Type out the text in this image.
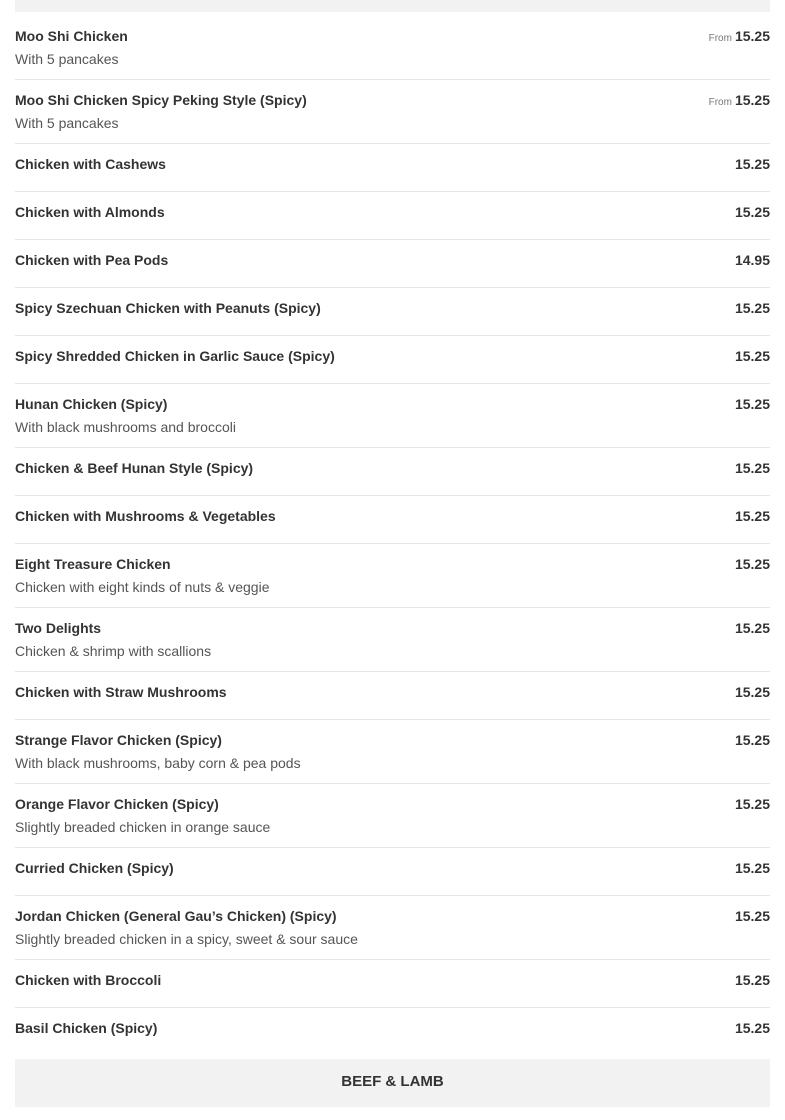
Moo Shi Chicken
With 5 pancakes
From 15.25
Moo Shi Chicken Spicy Peking Style (Spicy)
With 5 pancakes
From 15.25
Chicken with Cashews	15.25
Chicken with Almonds	15.25
Chicken with Pea Pods	14.95
Spicy Szechuan Chicken with Peanuts (Spicy)	15.25
Spicy Shredded Chicken in Garlic Sauce (Spicy)	15.25
Hunan Chicken (Spicy)
With black mushrooms and broccoli
15.25
Chicken & Beef Hunan Style (Spicy)	15.25
Chicken with Mushrooms & Vegetables	15.25
Eight Treasure Chicken
Chicken with eight kinds of nuts & veggie
15.25
Two Delights
Chicken & shrimp with scallions
15.25
Chicken with Straw Mushrooms	15.25
Strange Flavor Chicken (Spicy)
With black mushrooms, baby corn & pea pods
15.25
Orange Flavor Chicken (Spicy)
Slightly breaded chicken in orange sauce
15.25
Curried Chicken (Spicy)	15.25
Jordan Chicken (General Gau’s Chicken) (Spicy)
Slightly breaded chicken in a spicy, sweet & sour sauce
15.25
Chicken with Broccoli	15.25
Basil Chicken (Spicy)	15.25
BEEF & LAMB
